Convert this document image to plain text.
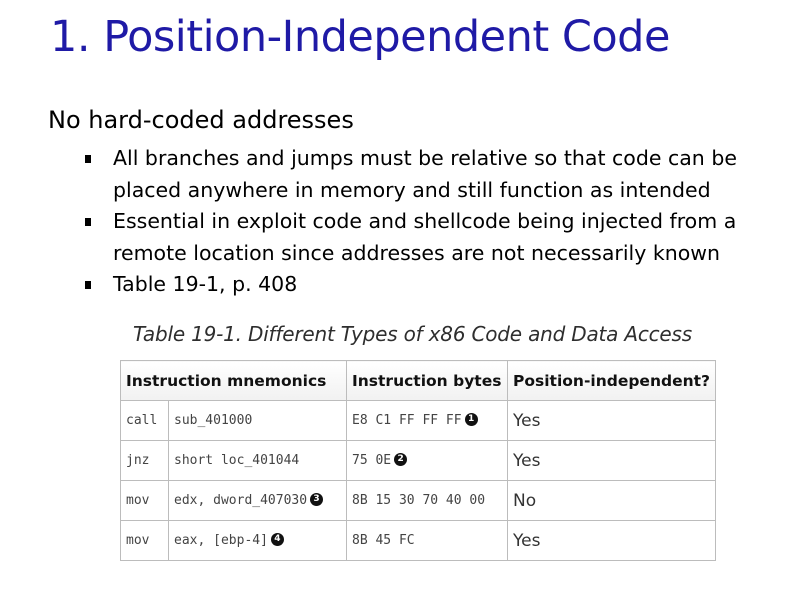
1. Position-Independent Code
No hard-coded addresses
All branches and jumps must be relative so that code can be placed anywhere in memory and still function as intended
Essential in exploit code and shellcode being injected from a remote location since addresses are not necessarily known
Table 19-1, p. 408
Table 19-1. Different Types of x86 Code and Data Access
Instruction mnemonics		Instruction bytes	Position-independent?
call	sub_401000	E8 C1 FF FF FF 1	Yes
jnz	short loc_401044	75 0E 2	Yes
mov	edx, dword_407030 3	8B 15 30 70 40 00	No
mov	eax, [ebp-4] 4	8B 45 FC	Yes
